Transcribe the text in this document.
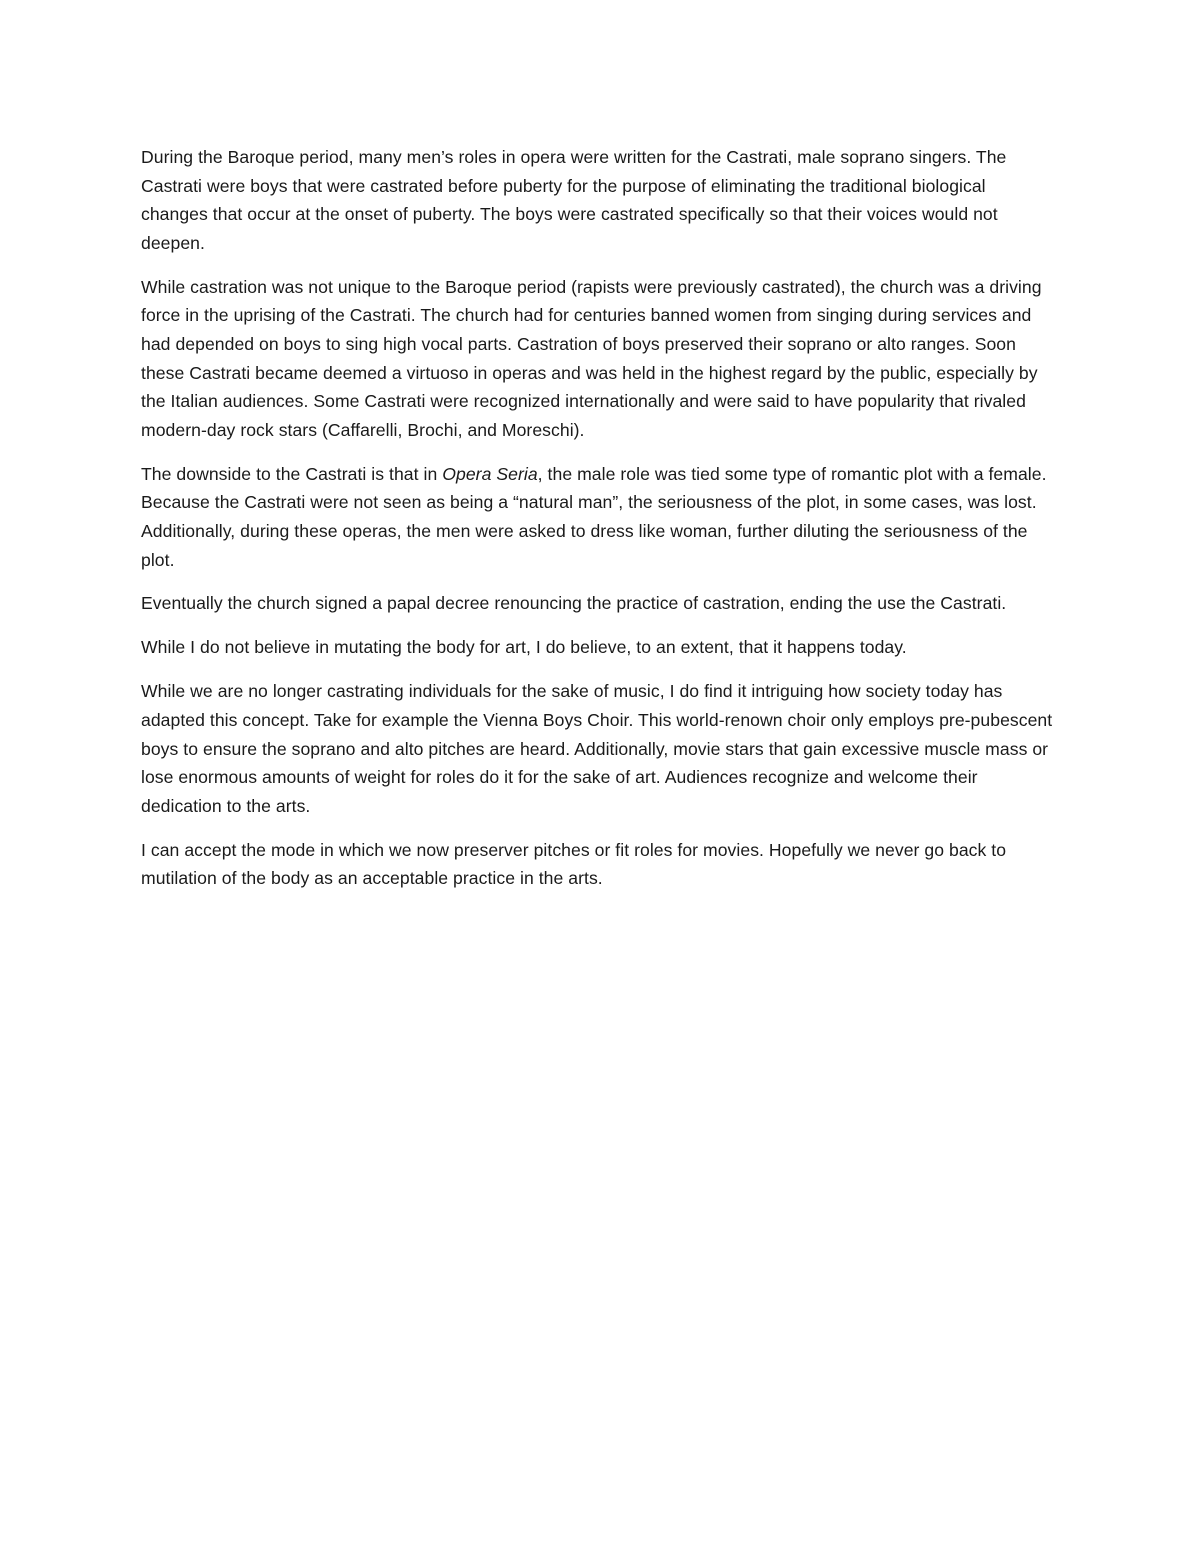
During the Baroque period, many men’s roles in opera were written for the Castrati, male soprano singers. The Castrati were boys that were castrated before puberty for the purpose of eliminating the traditional biological changes that occur at the onset of puberty. The boys were castrated specifically so that their voices would not deepen.

While castration was not unique to the Baroque period (rapists were previously castrated), the church was a driving force in the uprising of the Castrati. The church had for centuries banned women from singing during services and had depended on boys to sing high vocal parts. Castration of boys preserved their soprano or alto ranges. Soon these Castrati became deemed a virtuoso in operas and was held in the highest regard by the public, especially by the Italian audiences. Some Castrati were recognized internationally and were said to have popularity that rivaled modern-day rock stars (Caffarelli, Brochi, and Moreschi).

The downside to the Castrati is that in Opera Seria, the male role was tied some type of romantic plot with a female. Because the Castrati were not seen as being a “natural man”, the seriousness of the plot, in some cases, was lost. Additionally, during these operas, the men were asked to dress like woman, further diluting the seriousness of the plot.

Eventually the church signed a papal decree renouncing the practice of castration, ending the use the Castrati.

While I do not believe in mutating the body for art, I do believe, to an extent, that it happens today.

While we are no longer castrating individuals for the sake of music, I do find it intriguing how society today has adapted this concept. Take for example the Vienna Boys Choir. This world-renown choir only employs pre-pubescent boys to ensure the soprano and alto pitches are heard. Additionally, movie stars that gain excessive muscle mass or lose enormous amounts of weight for roles do it for the sake of art. Audiences recognize and welcome their dedication to the arts.

I can accept the mode in which we now preserver pitches or fit roles for movies. Hopefully we never go back to mutilation of the body as an acceptable practice in the arts.
